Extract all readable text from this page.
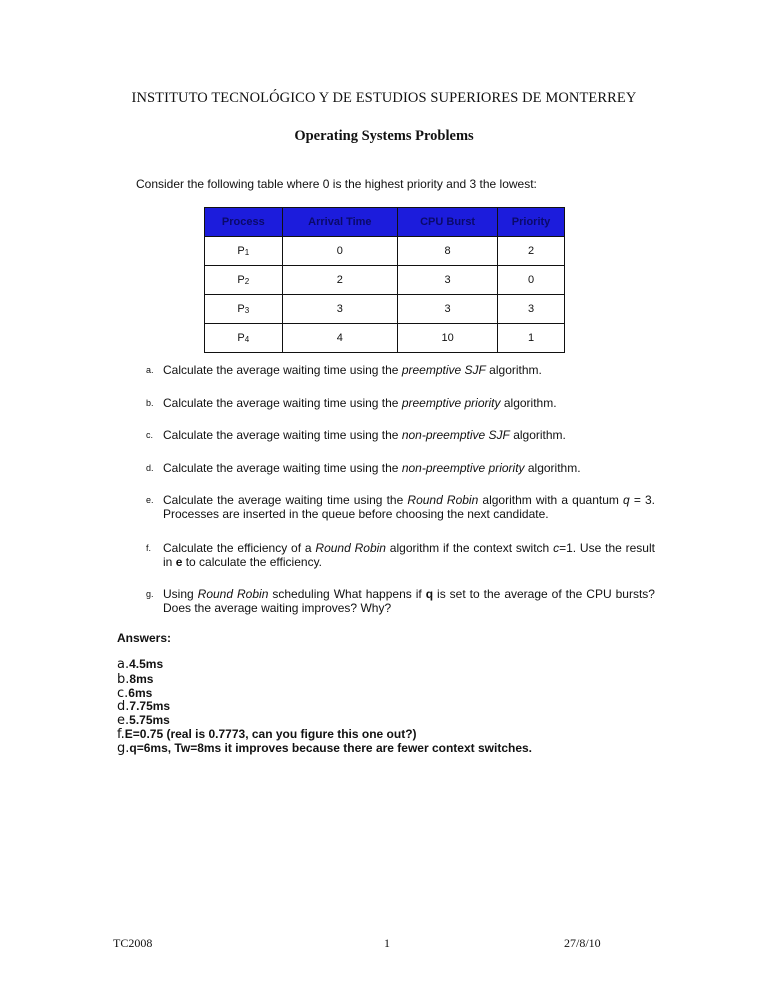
INSTITUTO TECNOLÓGICO Y DE ESTUDIOS SUPERIORES DE MONTERREY
Operating Systems Problems
Consider the following table where 0 is the highest priority and 3 the lowest:
Process	Arrival Time	CPU Burst	Priority
$P_1$	0	8	2
$P_2$	2	3	0
$P_3$	3	3	3
$P_4$	4	10	1
a. Calculate the average waiting time using the preemptive SJF algorithm.
b. Calculate the average waiting time using the preemptive priority algorithm.
c. Calculate the average waiting time using the non-preemptive SJF algorithm.
d. Calculate the average waiting time using the non-preemptive priority algorithm.
e. Calculate the average waiting time using the Round Robin algorithm with a quantum q = 3. Processes are inserted in the queue before choosing the next candidate.
f. Calculate the efficiency of a Round Robin algorithm if the context switch c=1. Use the result in e to calculate the efficiency.
g. Using Round Robin scheduling What happens if q is set to the average of the CPU bursts? Does the average waiting improves? Why?
Answers:
a.4.5ms
b.8ms
c.6ms
d.7.75ms
e.5.75ms
f.E=0.75 (real is 0.7773, can you figure this one out?)
g.q=6ms, Tw=8ms it improves because there are fewer context switches.
TC2008	1	27/8/10
